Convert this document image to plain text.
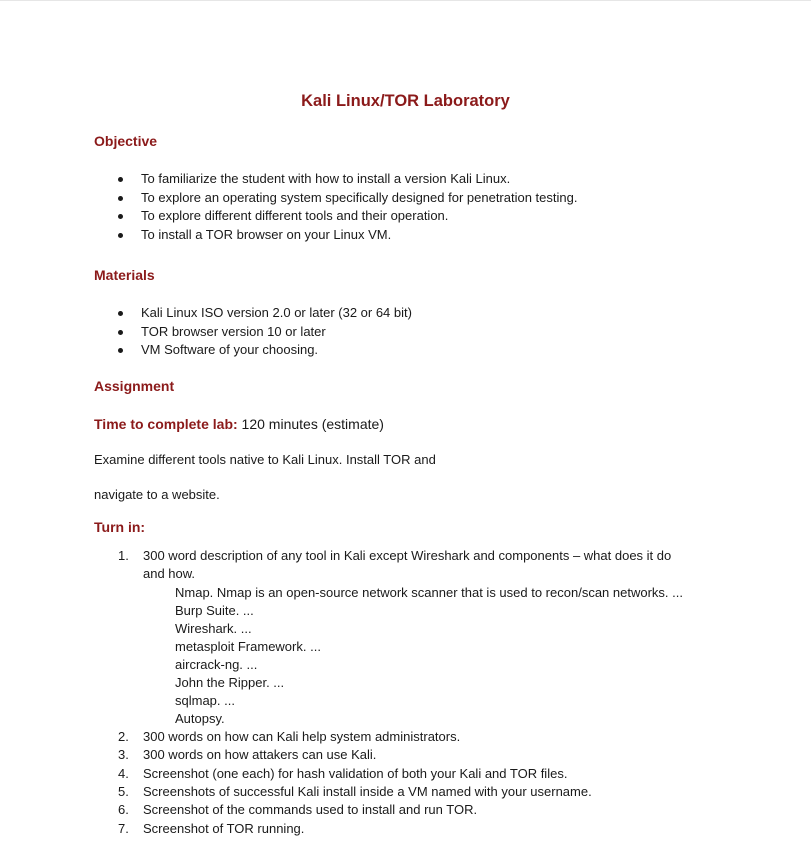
Kali Linux/TOR Laboratory
Objective
To familiarize the student with how to install a version Kali Linux.
To explore an operating system specifically designed for penetration testing.
To explore different different tools and their operation.
To install a TOR browser on your Linux VM.
Materials
Kali Linux ISO version 2.0 or later (32 or 64 bit)
TOR browser version 10 or later
VM Software of your choosing.
Assignment

Time to complete lab: 120 minutes (estimate)

Examine different tools native to Kali Linux. Install TOR and

navigate to a website.

Turn in:
1. 300 word description of any tool in Kali except Wireshark and components – what does it do and how.
Nmap. Nmap is an open-source network scanner that is used to recon/scan networks. ...
Burp Suite. ...
Wireshark. ...
metasploit Framework. ...
aircrack-ng. ...
John the Ripper. ...
sqlmap. ...
Autopsy.
2. 300 words on how can Kali help system administrators.
3. 300 words on how attakers can use Kali.
4. Screenshot (one each) for hash validation of both your Kali and TOR files.
5. Screenshots of successful Kali install inside a VM named with your username.
6. Screenshot of the commands used to install and run TOR.
7. Screenshot of TOR running.
